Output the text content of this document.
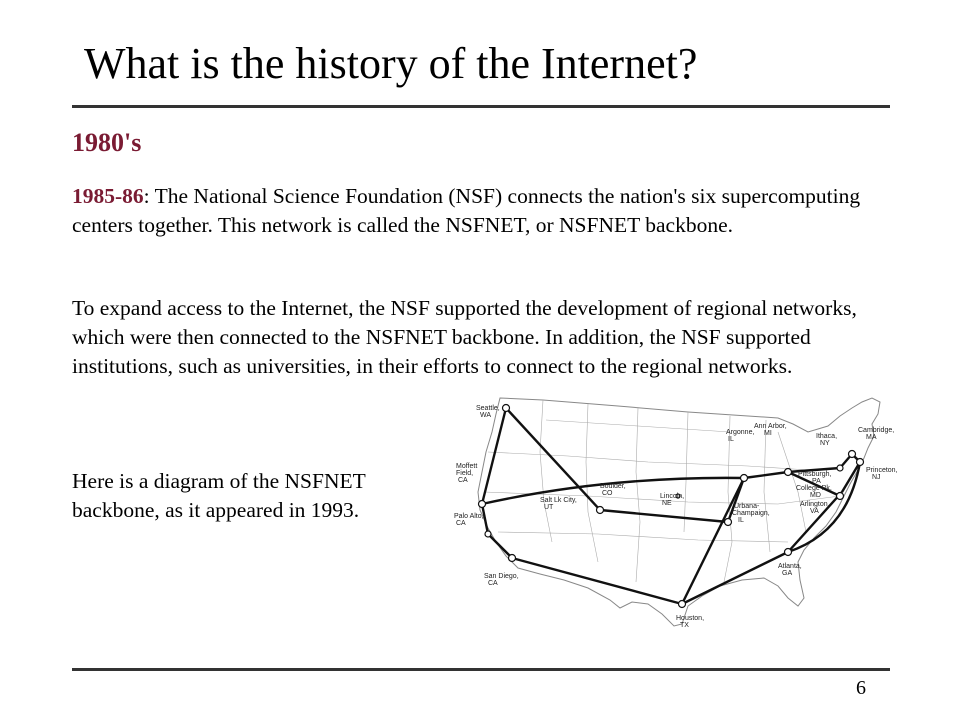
What is the history of the Internet?
1980's

1985-86: The National Science Foundation (NSF) connects the nation's six supercomputing centers together. This network is called the NSFNET, or NSFNET backbone.

To expand access to the Internet, the NSF supported the development of regional networks, which were then connected to the NSFNET backbone. In addition, the NSF supported institutions, such as universities, in their efforts to connect to the regional networks.

Here is a diagram of the NSFNET backbone, as it appeared in 1993.

Seattle, WA
Moffett Field, CA
Palo Alto, CA
San Diego, CA
Salt Lk City, UT
Boulder, CO	Lincoln, NE
Houston, TX
Argonne, IL
Urbana-Champaign, IL
Ann Arbor, MI	Ithaca, NY
Cambridge, MA
Princeton, NJ
Pittsburgh, PA
College Pk, MD
Arlington, VA
Atlanta, GA
6
